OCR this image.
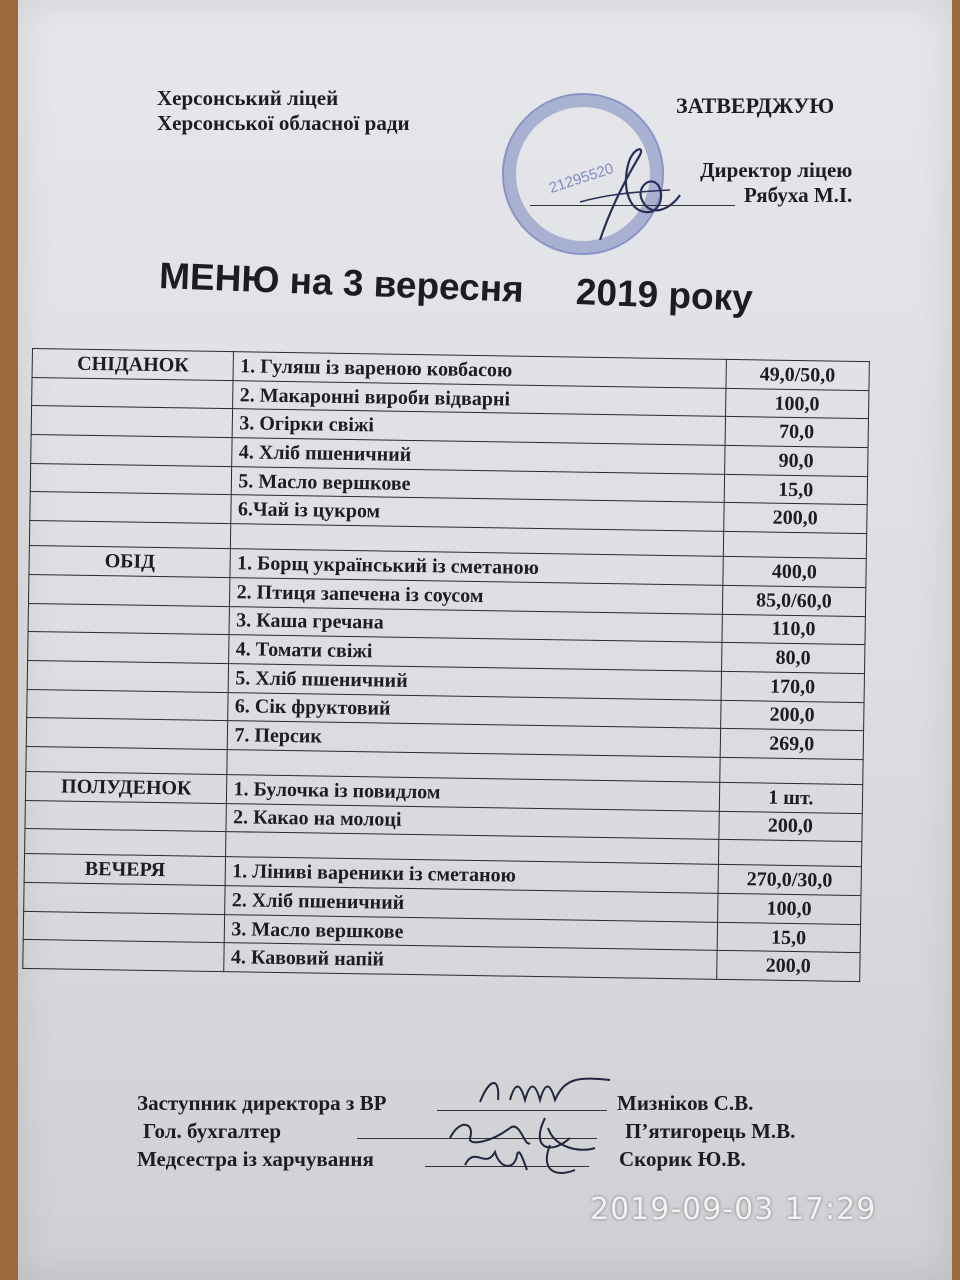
Херсонський ліцей
Херсонської обласної ради
21295520
ЗАТВЕРДЖУЮ
Директор ліцею
Рябуха М.І.
МЕНЮ на 3 вересня 2019 року
СНІДАНОК	1. Гуляш із вареною ковбасою	49,0/50,0
	2. Макаронні вироби відварні	100,0
	3. Огірки свіжі	70,0
	4. Хліб пшеничний	90,0
	5. Масло вершкове	15,0
	6.Чай із цукром	200,0

ОБІД	1. Борщ український із сметаною	400,0
	2. Птиця запечена із соусом	85,0/60,0
	3. Каша гречана	110,0
	4. Томати свіжі	80,0
	5. Хліб пшеничний	170,0
	6. Сік фруктовий	200,0
	7. Персик	269,0

ПОЛУДЕНОК	1. Булочка із повидлом	1 шт.
	2. Какао на молоці	200,0

ВЕЧЕРЯ	1. Ліниві вареники із сметаною	270,0/30,0
	2. Хліб пшеничний	100,0
	3. Масло вершкове	15,0
	4. Кавовий напій	200,0
Заступник директора з ВР	Мизніков С.В.
Гол. бухгалтер	П’ятигорець М.В.
Медсестра із харчування	Скорик Ю.В.
2019-09-03 17:29
